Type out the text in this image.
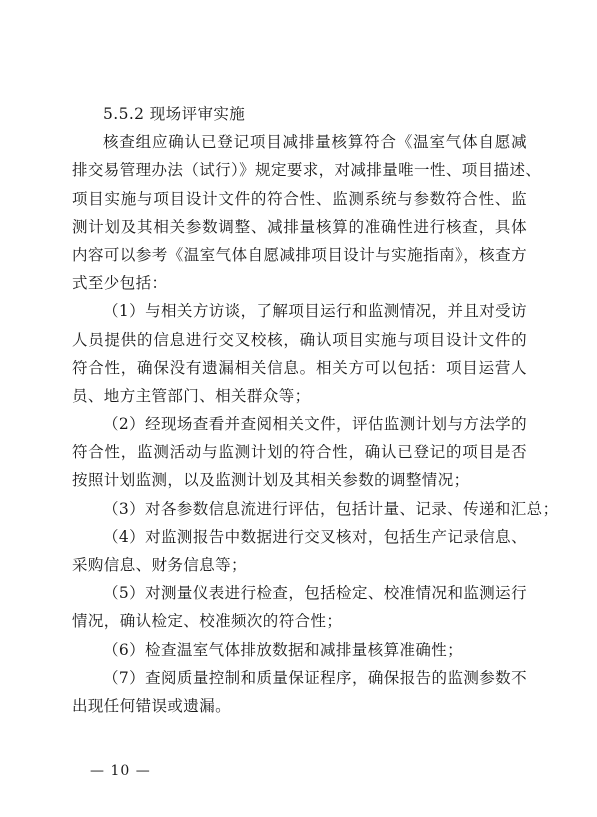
5.5.2 现场评审实施
核查组应确认已登记项目减排量核算符合《温室气体自愿减
排交易管理办法（试行）》规定要求，对减排量唯一性、项目描述、
项目实施与项目设计文件的符合性、监测系统与参数符合性、监
测计划及其相关参数调整、减排量核算的准确性进行核查，具体
内容可以参考《温室气体自愿减排项目设计与实施指南》，核查方
式至少包括：
（1）与相关方访谈，了解项目运行和监测情况，并且对受访
人员提供的信息进行交叉校核，确认项目实施与项目设计文件的
符合性，确保没有遗漏相关信息。相关方可以包括：项目运营人
员、地方主管部门、相关群众等；
（2）经现场查看并查阅相关文件，评估监测计划与方法学的
符合性，监测活动与监测计划的符合性，确认已登记的项目是否
按照计划监测，以及监测计划及其相关参数的调整情况；
（3）对各参数信息流进行评估，包括计量、记录、传递和汇总；
（4）对监测报告中数据进行交叉核对，包括生产记录信息、
采购信息、财务信息等；
（5）对测量仪表进行检查，包括检定、校准情况和监测运行
情况，确认检定、校准频次的符合性；
（6）检查温室气体排放数据和减排量核算准确性；
（7）查阅质量控制和质量保证程序，确保报告的监测参数不
出现任何错误或遗漏。
— 10 —
